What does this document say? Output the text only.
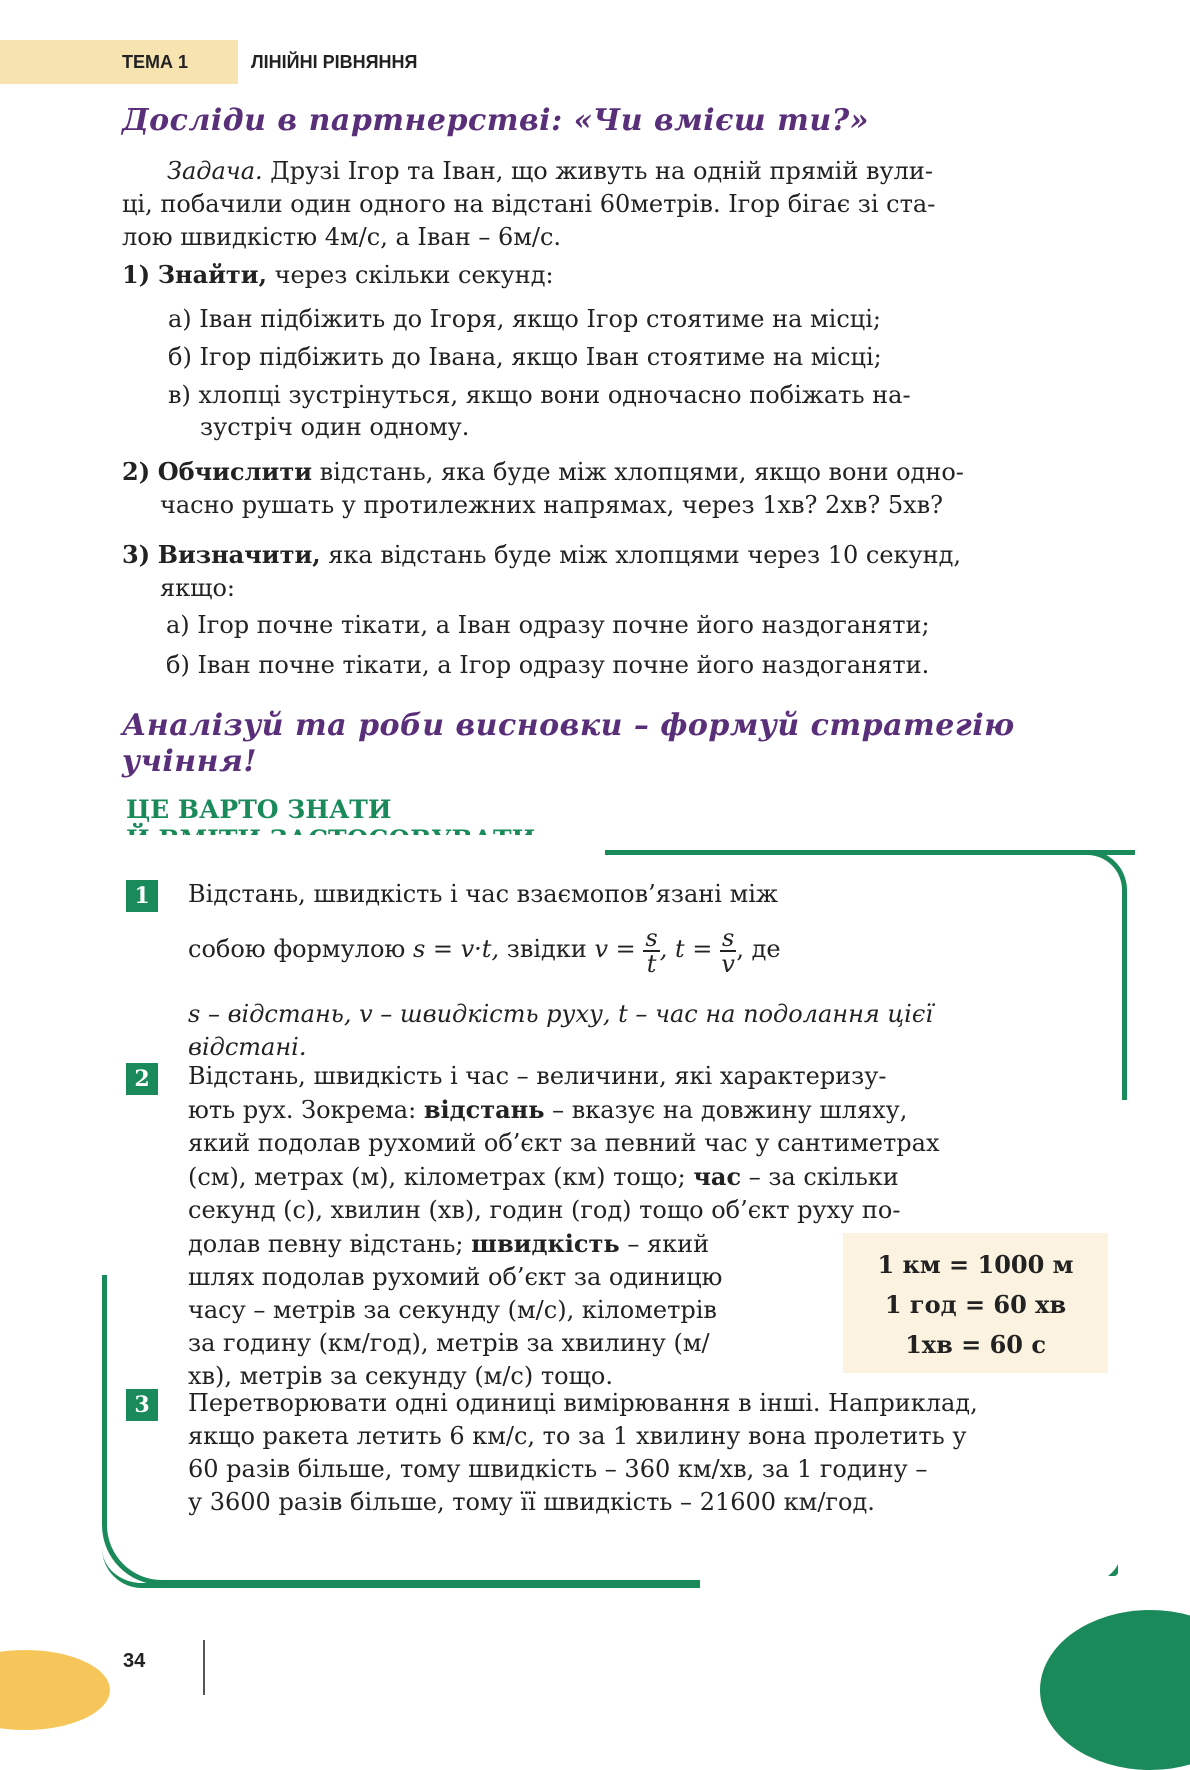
ТЕМА 1	ЛІНІЙНІ РІВНЯННЯ
Досліди в партнерстві: «Чи вмієш ти?»
Задача. Друзі Ігор та Іван, що живуть на одній прямій вули-
ці, побачили один одного на відстані 60метрів. Ігор бігає зі ста-
лою швидкістю 4м/с, а Іван – 6м/с.
1) Знайти, через скільки секунд:
а) Іван підбіжить до Ігоря, якщо Ігор стоятиме на місці;
б) Ігор підбіжить до Івана, якщо Іван стоятиме на місці;
в) хлопці зустрінуться, якщо вони одночасно побіжать на-
зустріч один одному.
2) Обчислити відстань, яка буде між хлопцями, якщо вони одно-
часно рушать у протилежних напрямах, через 1хв? 2хв? 5хв?
3) Визначити, яка відстань буде між хлопцями через 10 секунд,
якщо:
а) Ігор почне тікати, а Іван одразу почне його наздоганяти;
б) Іван почне тікати, а Ігор одразу почне його наздоганяти.
Аналізуй та роби висновки – формуй стратегію
учіння!
ЦЕ ВАРТО ЗНАТИ
1	Відстань, швидкість і час взаємопов’язані між
собою формулою s = v·t, звідки $v = \frac{s}{t}$ , $t = \frac{s}{v}$ , де
s – відстань, v – швидкість руху, t – час на подолання цієї
відстані.
2	Відстань, швидкість і час – величини, які характеризу-
ють рух. Зокрема: відстань – вказує на довжину шляху,
який подолав рухомий об’єкт за певний час у сантиметрах
(см), метрах (м), кілометрах (км) тощо; час – за скільки
секунд (с), хвилин (хв), годин (год) тощо об’єкт руху по-
долав певну відстань; швидкість – який
шлях подолав рухомий об’єкт за одиницю
часу – метрів за секунду (м/с), кілометрів
за годину (км/год), метрів за хвилину (м/
хв), метрів за секунду (м/с) тощо.
1 км = 1000 м
1 год = 60 хв
1хв = 60 с
3	Перетворювати одні одиниці вимірювання в інші. Наприклад,
якщо ракета летить 6 км/с, то за 1 хвилину вона пролетить у
60 разів більше, тому швидкість – 360 км/хв, за 1 годину –
у 3600 разів більше, тому її швидкість – 21600 км/год.
34
